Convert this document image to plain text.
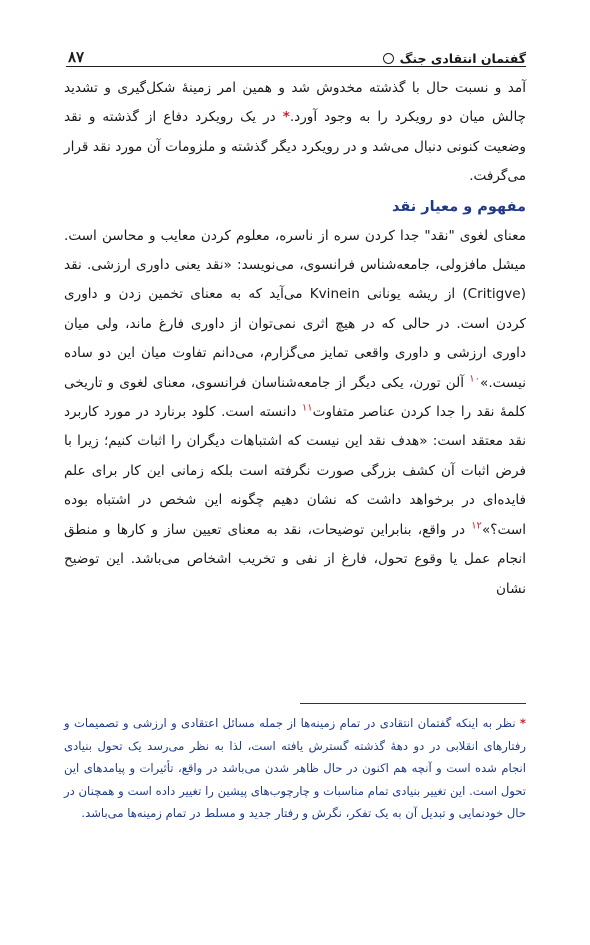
گفتمان انتقادی جنگ
۸۷

آمد و نسبت حال با گذشته مخدوش شد و همین امر زمینهٔ شکل‌گیری و تشدید چالش میان دو رویکرد را به وجود آورد.* در یک رویکرد دفاع از گذشته و نقد وضعیت کنونی دنبال می‌شد و در رویکرد دیگر گذشته و ملزومات آن مورد نقد قرار می‌گرفت.

مفهوم و معیار نقد

معنای لغوی "نقد" جدا کردن سره از ناسره، معلوم کردن معایب و محاسن است. میشل مافزولی، جامعه‌شناس فرانسوی، می‌نویسد: «نقد یعنی داوری ارزشی. نقد (Critigve) از ریشه یونانی Kvinein می‌آید که به معنای تخمین زدن و داوری کردن است. در حالی که در هیچ اثری نمی‌توان از داوری فارغ ماند، ولی میان داوری ارزشی و داوری واقعی تمایز می‌گزارم، می‌دانم تفاوت میان این دو ساده نیست.»$^{۱۰}$ آلن تورن، یکی دیگر از جامعه‌شناسان فرانسوی، معنای لغوی و تاریخی کلمهٔ نقد را جدا کردن عناصر متفاوت$^{۱۱}$ دانسته است. کلود برنارد در مورد کاربرد نقد معتقد است: «هدف نقد این نیست که اشتباهات دیگران را اثبات کنیم؛ زیرا با فرض اثبات آن کشف بزرگی صورت نگرفته است بلکه زمانی این کار برای علم فایده‌ای در برخواهد داشت که نشان دهیم چگونه این شخص در اشتباه بوده است؟»$^{۱۲}$ در واقع، بنابراین توضیحات، نقد به معنای تعیین ساز و کارها و منطق انجام عمل یا وقوع تحول، فارغ از نفی و تخریب اشخاص می‌باشد. این توضیح نشان

* نظر به اینکه گفتمان انتقادی در تمام زمینه‌ها از جمله مسائل اعتقادی و ارزشی و تصمیمات و رفتارهای انقلابی در دو دههٔ گذشته گسترش یافته است، لذا به نظر می‌رسد یک تحول بنیادی انجام شده است و آنچه هم اکنون در حال ظاهر شدن می‌باشد در واقع، تأثیرات و پیامدهای این تحول است. این تغییر بنیادی تمام مناسبات و چارچوب‌های پیشین را تغییر داده است و همچنان در حال خودنمایی و تبدیل آن به یک تفکر، نگرش و رفتار جدید و مسلط در تمام زمینه‌ها می‌باشد.
